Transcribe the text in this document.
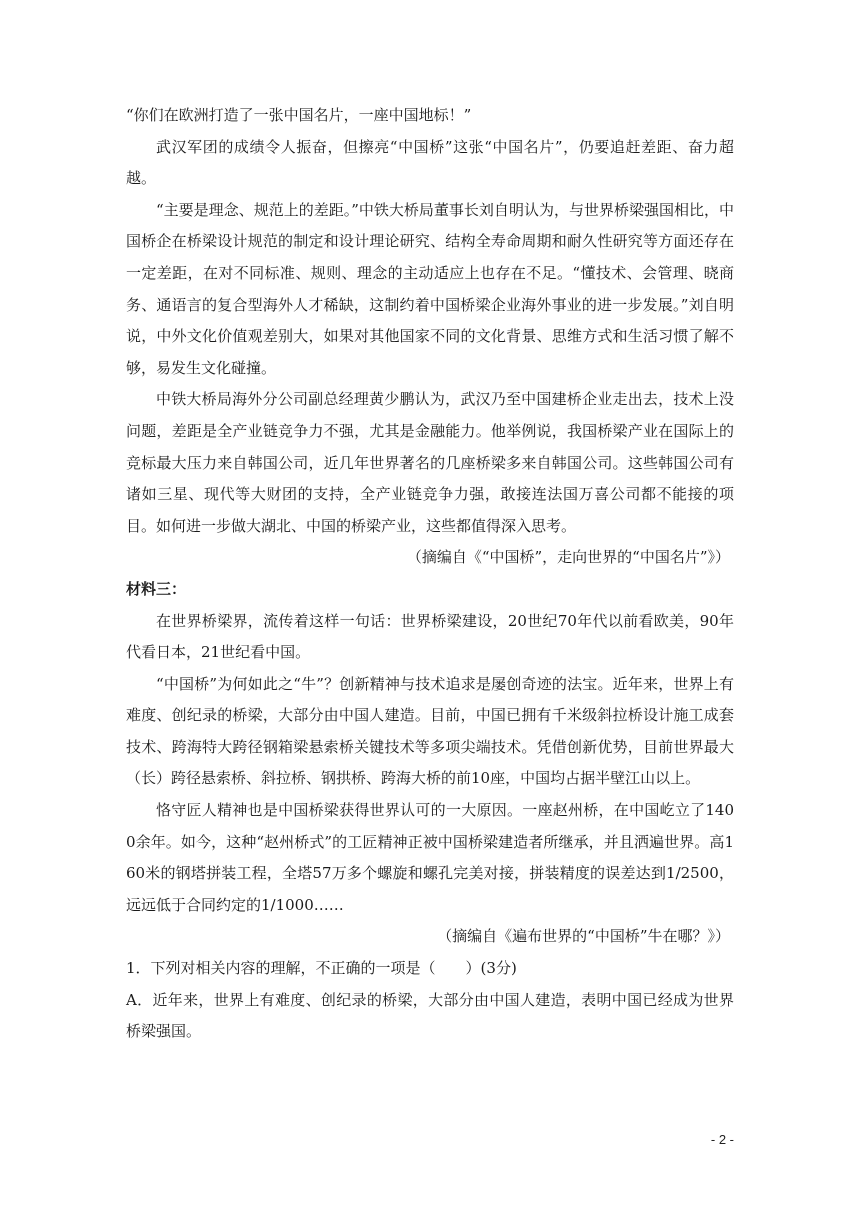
“你们在欧洲打造了一张中国名片，一座中国地标！”

武汉军团的成绩令人振奋，但擦亮“中国桥”这张“中国名片”，仍要追赶差距、奋力超越。

“主要是理念、规范上的差距。”中铁大桥局董事长刘自明认为，与世界桥梁强国相比，中国桥企在桥梁设计规范的制定和设计理论研究、结构全寿命周期和耐久性研究等方面还存在一定差距，在对不同标准、规则、理念的主动适应上也存在不足。“懂技术、会管理、晓商务、通语言的复合型海外人才稀缺，这制约着中国桥梁企业海外事业的进一步发展。”刘自明说，中外文化价值观差别大，如果对其他国家不同的文化背景、思维方式和生活习惯了解不够，易发生文化碰撞。

中铁大桥局海外分公司副总经理黄少鹏认为，武汉乃至中国建桥企业走出去，技术上没问题，差距是全产业链竞争力不强，尤其是金融能力。他举例说，我国桥梁产业在国际上的竞标最大压力来自韩国公司，近几年世界著名的几座桥梁多来自韩国公司。这些韩国公司有诸如三星、现代等大财团的支持，全产业链竞争力强，敢接连法国万喜公司都不能接的项目。如何进一步做大湖北、中国的桥梁产业，这些都值得深入思考。

（摘编自《“中国桥”，走向世界的“中国名片”》）

材料三：

在世界桥梁界，流传着这样一句话：世界桥梁建设，20世纪70年代以前看欧美，90年代看日本，21世纪看中国。

“中国桥”为何如此之“牛”？创新精神与技术追求是屡创奇迹的法宝。近年来，世界上有难度、创纪录的桥梁，大部分由中国人建造。目前，中国已拥有千米级斜拉桥设计施工成套技术、跨海特大跨径钢箱梁悬索桥关键技术等多项尖端技术。凭借创新优势，目前世界最大（长）跨径悬索桥、斜拉桥、钢拱桥、跨海大桥的前10座，中国均占据半壁江山以上。

恪守匠人精神也是中国桥梁获得世界认可的一大原因。一座赵州桥，在中国屹立了1400余年。如今，这种“赵州桥式”的工匠精神正被中国桥梁建造者所继承，并且洒遍世界。高160米的钢塔拼装工程，全塔57万多个螺旋和螺孔完美对接，拼装精度的误差达到1/2500，远远低于合同约定的1/1000……

（摘编自《遍布世界的“中国桥”牛在哪？》）

1．下列对相关内容的理解，不正确的一项是（　　）(3分)

A．近年来，世界上有难度、创纪录的桥梁，大部分由中国人建造，表明中国已经成为世界桥梁强国。

- 2 -
